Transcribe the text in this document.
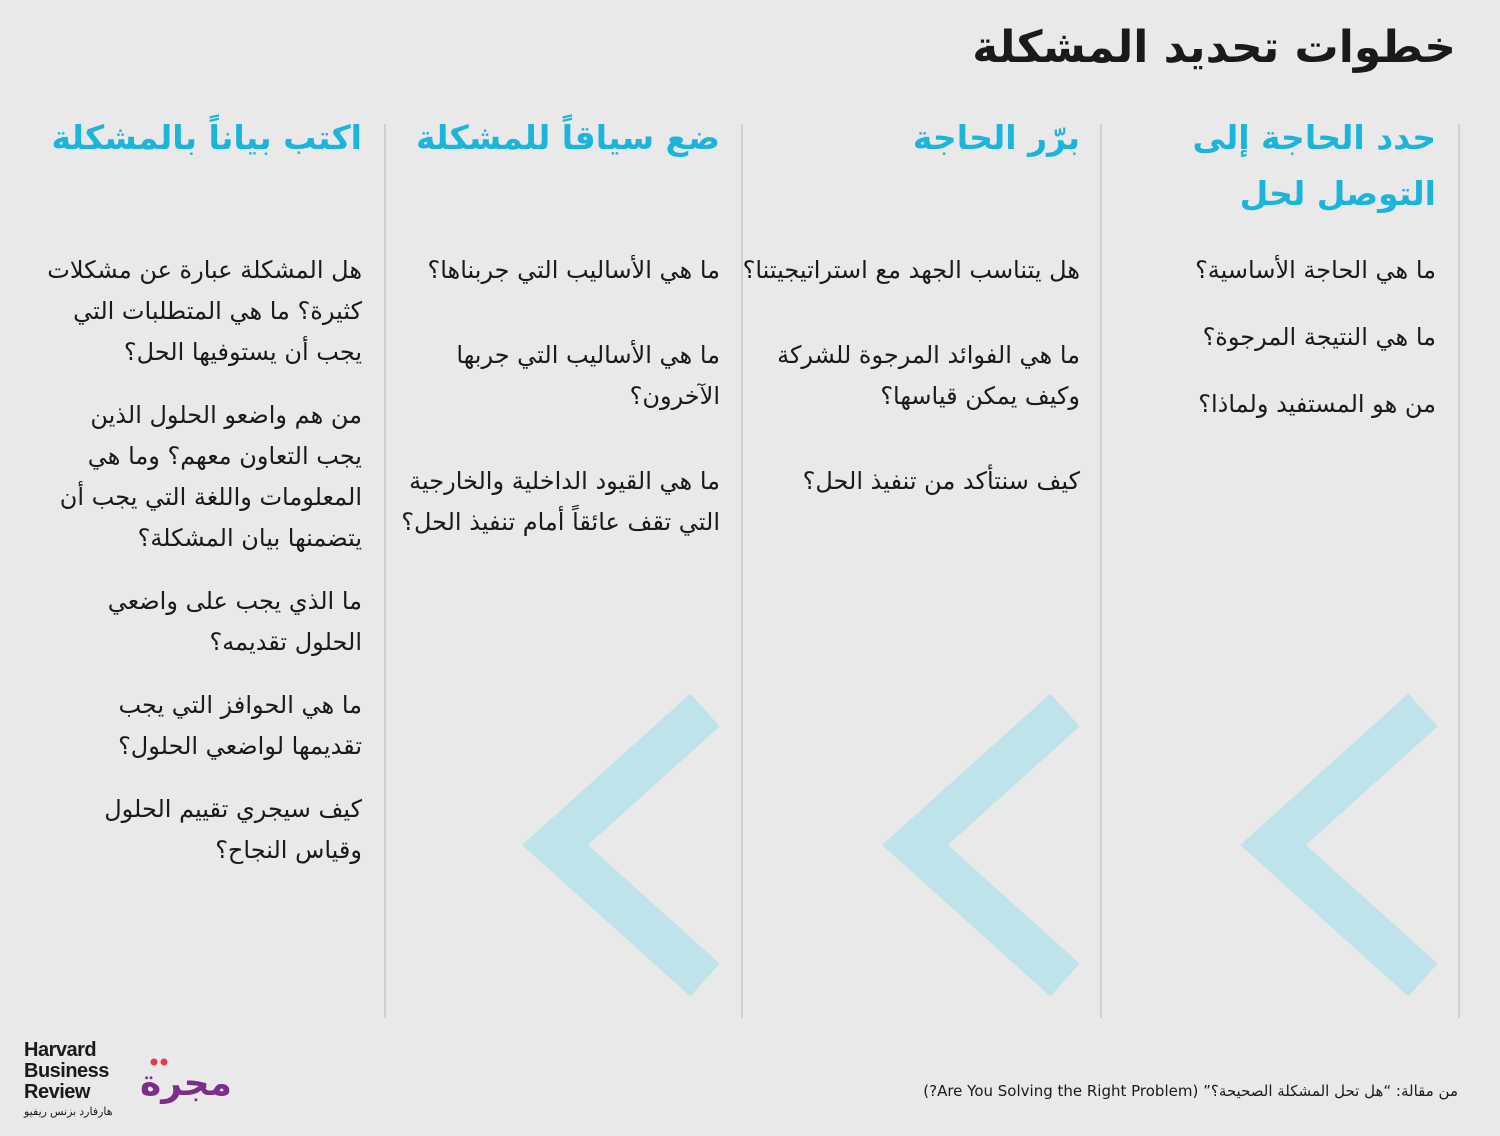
خطوات تحديد المشكلة
حدد الحاجة إلى التوصل لحل

ما هي الحاجة الأساسية؟

ما هي النتيجة المرجوة؟

من هو المستفيد ولماذا؟

برّر الحاجة

هل يتناسب الجهد مع استراتيجيتنا؟

ما هي الفوائد المرجوة للشركة وكيف يمكن قياسها؟

كيف سنتأكد من تنفيذ الحل؟

ضع سياقاً للمشكلة

ما هي الأساليب التي جربناها؟

ما هي الأساليب التي جربها الآخرون؟

ما هي القيود الداخلية والخارجية التي تقف عائقاً أمام تنفيذ الحل؟

اكتب بياناً بالمشكلة

هل المشكلة عبارة عن مشكلات كثيرة؟ ما هي المتطلبات التي يجب أن يستوفيها الحل؟

من هم واضعو الحلول الذين يجب التعاون معهم؟ وما هي المعلومات واللغة التي يجب أن يتضمنها بيان المشكلة؟

ما الذي يجب على واضعي الحلول تقديمه؟

ما هي الحوافز التي يجب تقديمها لواضعي الحلول؟

كيف سيجري تقييم الحلول وقياس النجاح؟

من مقالة: “هل تحل المشكلة الصحيحة؟” (Are You Solving the Right Problem?)
Harvard
Business
Review
هارفارد بزنس ريفيو
مجرة
